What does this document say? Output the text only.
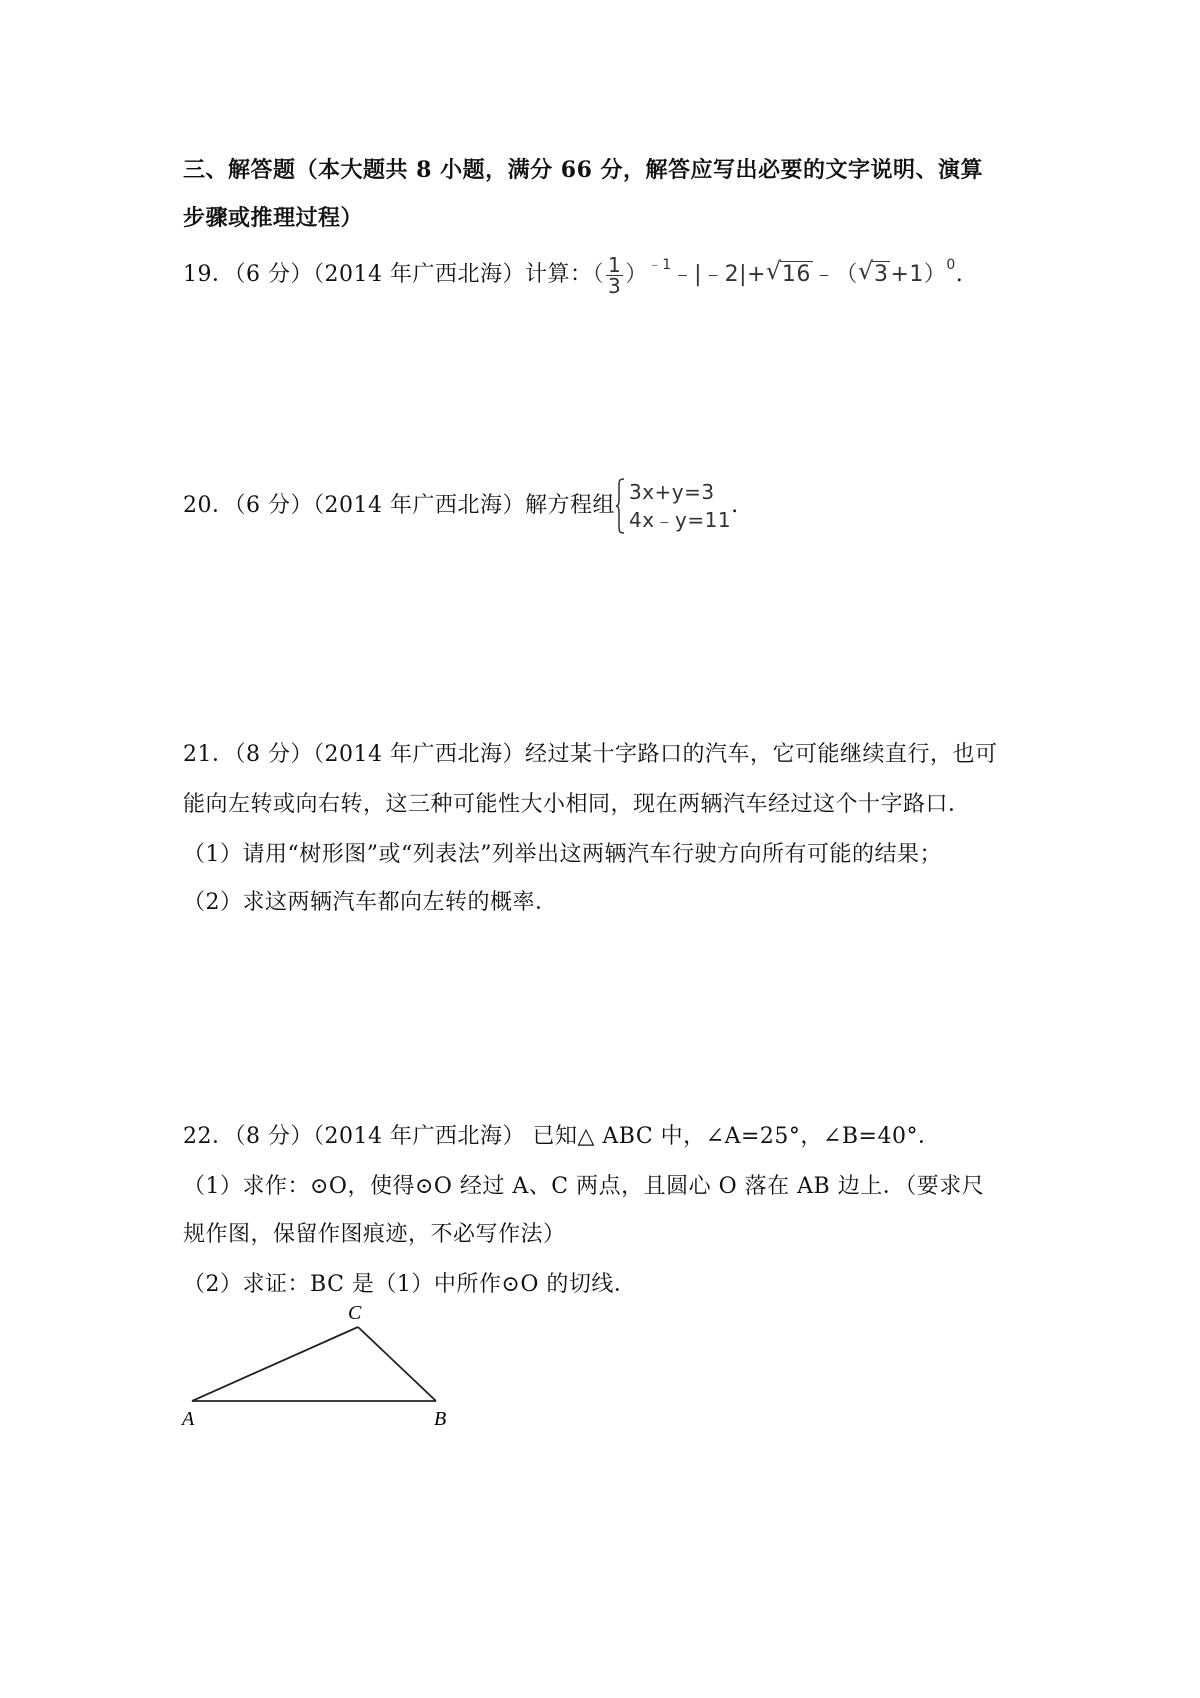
三、解答题（本大题共 8 小题，满分 66 分，解答应写出必要的文字说明、演算
步骤或推理过程）
19．（6 分）（2014 年广西北海）计算：（ $\frac{1}{3}$ ）$^{﹣1}$﹣|﹣2|+ √ 16﹣（ √ 3+1）$^0$.
20．（6 分）（2014 年广西北海）解方程组
3x+y=3
4x﹣y=11
.
21．（8 分）（2014 年广西北海）经过某十字路口的汽车，它可能继续直行，也可
能向左转或向右转，这三种可能性大小相同，现在两辆汽车经过这个十字路口．
（1）请用“树形图”或“列表法”列举出这两辆汽车行驶方向所有可能的结果；
（2）求这两辆汽车都向左转的概率．
22．（8 分）（2014 年广西北海） 已知△ ABC 中，∠A=25°，∠B=40°．
（1）求作：⊙O，使得⊙O 经过 A、C 两点，且圆心 O 落在 AB 边上．（要求尺
规作图，保留作图痕迹，不必写作法）
（2）求证：BC 是（1）中所作⊙O 的切线．
A	B
C
